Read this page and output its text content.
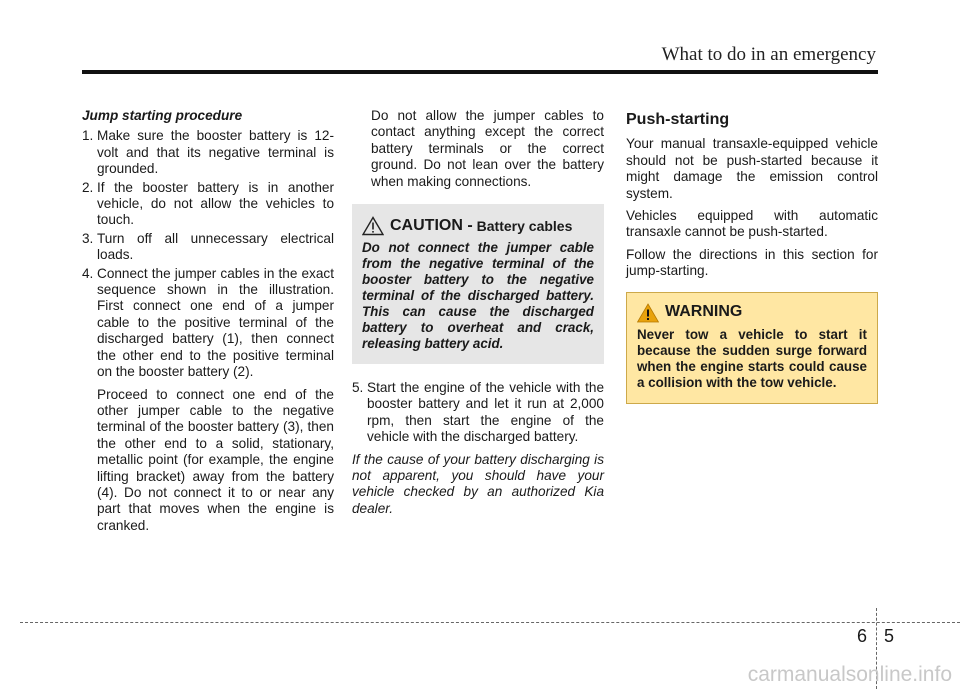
What to do in an emergency

Jump starting procedure

1. Make sure the booster battery is 12-volt and that its negative terminal is grounded.
2. If the booster battery is in another vehicle, do not allow the vehicles to touch.
3. Turn off all unnecessary electrical loads.
4. Connect the jumper cables in the exact sequence shown in the illustration. First connect one end of a jumper cable to the positive terminal of the discharged battery (1), then connect the other end to the positive terminal on the booster battery (2).

Proceed to connect one end of the other jumper cable to the negative terminal of the booster battery (3), then the other end to a solid, stationary, metallic point (for example, the engine lifting bracket) away from the battery (4). Do not connect it to or near any part that moves when the engine is cranked.

Do not allow the jumper cables to contact anything except the correct battery terminals or the correct ground. Do not lean over the battery when making connections.

CAUTION - Battery cables
Do not connect the jumper cable from the negative terminal of the booster battery to the negative terminal of the discharged battery. This can cause the discharged battery to overheat and crack, releasing battery acid.
5. Start the engine of the vehicle with the booster battery and let it run at 2,000 rpm, then start the engine of the vehicle with the discharged battery.

If the cause of your battery discharging is not apparent, you should have your vehicle checked by an authorized Kia dealer.

Push-starting

Your manual transaxle-equipped vehicle should not be push-started because it might damage the emission control system.

Vehicles equipped with automatic transaxle cannot be push-started.

Follow the directions in this section for jump-starting.

WARNING
Never tow a vehicle to start it because the sudden surge forward when the engine starts could cause a collision with the tow vehicle.
6 5
carmanualsonline.info
